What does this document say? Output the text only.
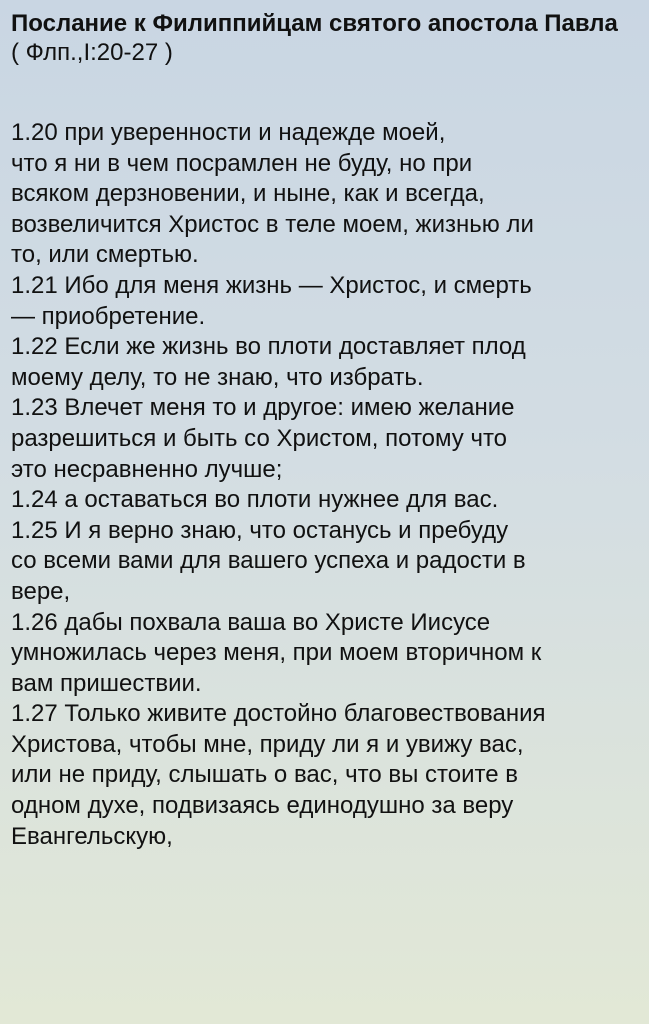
Послание к Филиппийцам святого апостола Павла

( Флп.,I:20-27 )

1.20 при уверенности и надежде моей,

что я ни в чем посрамлен не буду, но при

всяком дерзновении, и ныне, как и всегда,

возвеличится Христос в теле моем, жизнью ли

то, или смертью.

1.21 Ибо для меня жизнь — Христос, и смерть

— приобретение.

1.22 Если же жизнь во плоти доставляет плод

моему делу, то не знаю, что избрать.

1.23 Влечет меня то и другое: имею желание

разрешиться и быть со Христом, потому что

это несравненно лучше;

1.24 а оставаться во плоти нужнее для вас.

1.25 И я верно знаю, что останусь и пребуду

со всеми вами для вашего успеха и радости в

вере,

1.26 дабы похвала ваша во Христе Иисусе

умножилась через меня, при моем вторичном к

вам пришествии.

1.27 Только живите достойно благовествования

Христова, чтобы мне, приду ли я и увижу вас,

или не приду, слышать о вас, что вы стоите в

одном духе, подвизаясь единодушно за веру

Евангельскую,
